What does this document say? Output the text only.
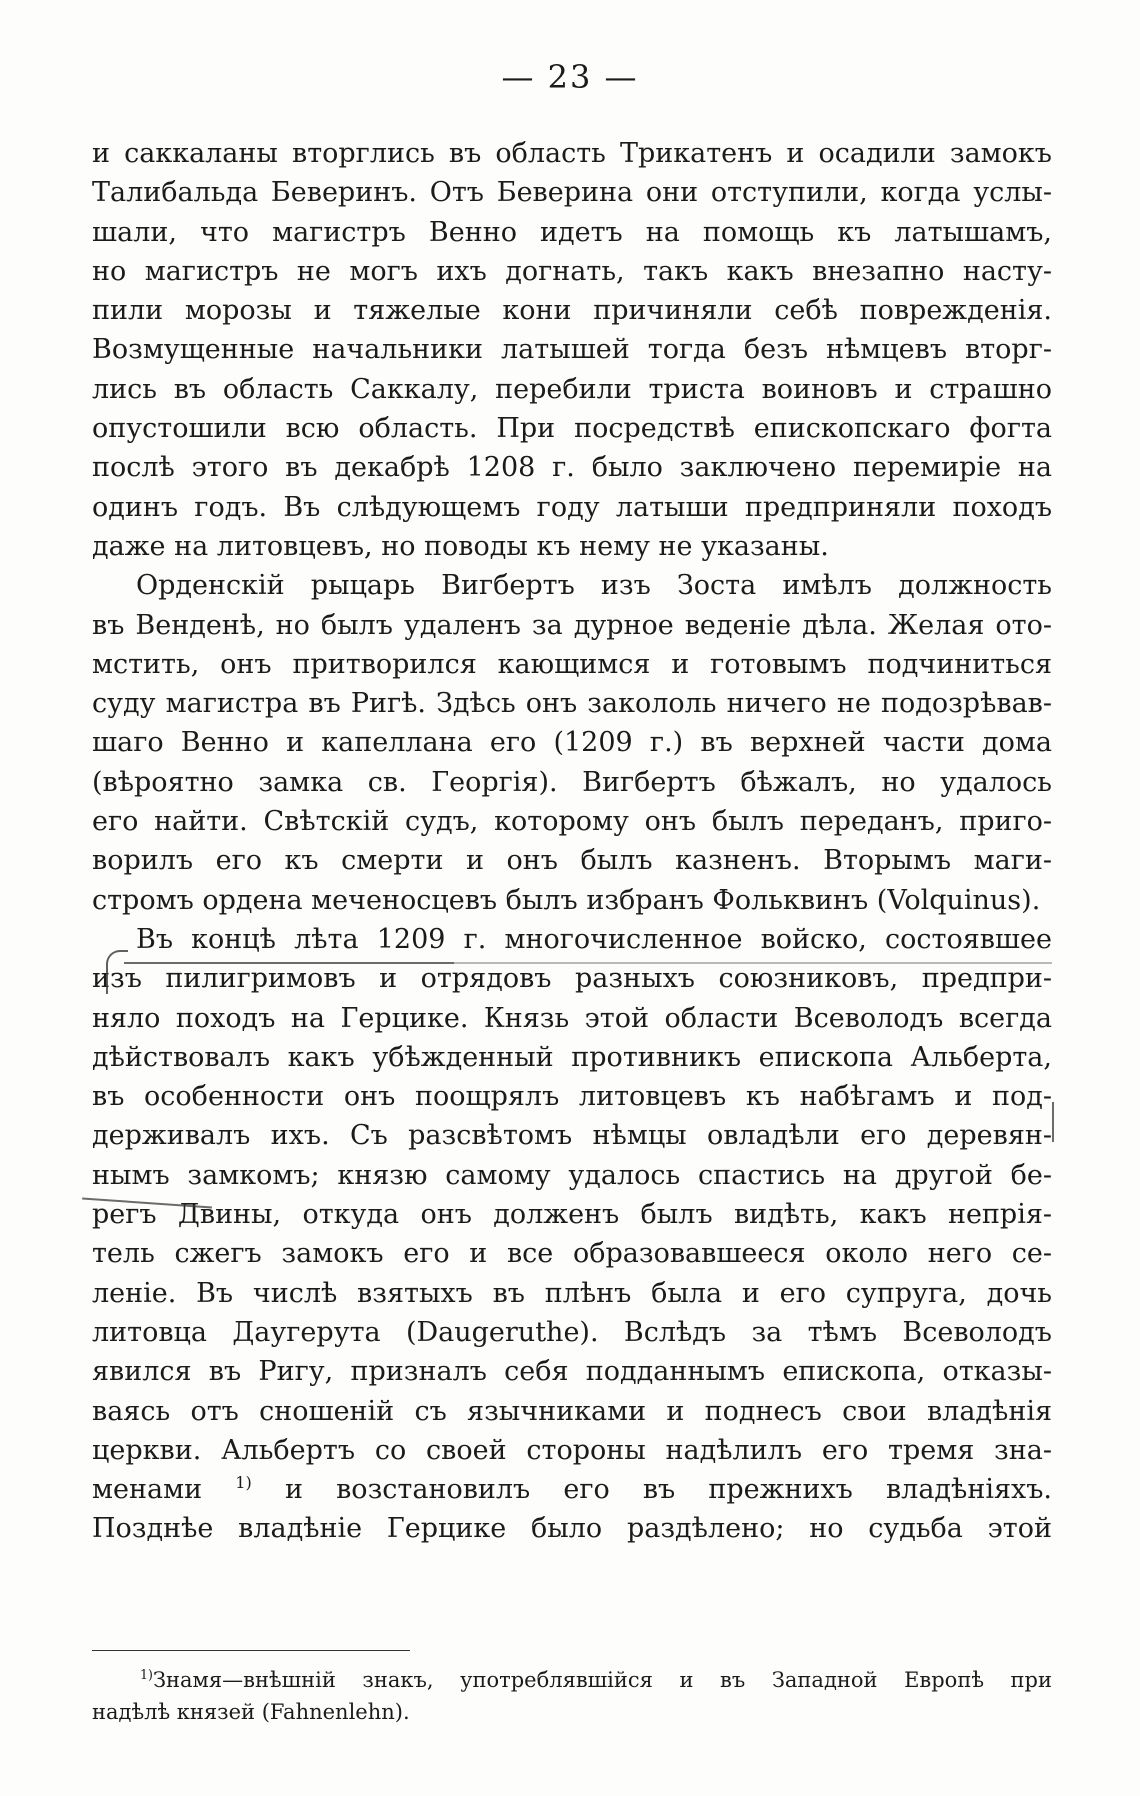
— 23 —

и саккаланы вторглись въ область Трикатенъ и осадили замокъ
Талибальда Беверинъ. Отъ Беверина они отступили, когда услы-
шали, что магистръ Венно идетъ на помощь къ латышамъ,
но магистръ не могъ ихъ догнать, такъ какъ внезапно насту-
пили морозы и тяжелые кони причиняли себѣ поврежденія.
Возмущенные начальники латышей тогда безъ нѣмцевъ вторг-
лись въ область Саккалу, перебили триста воиновъ и страшно
опустошили всю область. При посредствѣ епископскаго фогта
послѣ этого въ декабрѣ 1208 г. было заключено перемиріе на
одинъ годъ. Въ слѣдующемъ году латыши предприняли походъ
даже на литовцевъ, но поводы къ нему не указаны.

Орденскій рыцарь Вигбертъ изъ Зоста имѣлъ должность
въ Венденѣ, но былъ удаленъ за дурное веденіе дѣла. Желая ото-
мстить, онъ притворился кающимся и готовымъ подчиниться
суду магистра въ Ригѣ. Здѣсь онъ закололь ничего не подозрѣвав-
шаго Венно и капеллана его (1209 г.) въ верхней части дома
(вѣроятно замка св. Георгія). Вигбертъ бѣжалъ, но удалось
его найти. Свѣтскій судъ, которому онъ былъ переданъ, приго-
ворилъ его къ смерти и онъ былъ казненъ. Вторымъ маги-
стромъ ордена меченосцевъ былъ избранъ Фольквинъ (Volquinus).

Въ концѣ лѣта 1209 г. многочисленное войско, состоявшее
изъ пилигримовъ и отрядовъ разныхъ союзниковъ, предпри-
няло походъ на Герцике. Князь этой области Всеволодъ всегда
дѣйствовалъ какъ убѣжденный противникъ епископа Альберта,
въ особенности онъ поощрялъ литовцевъ къ набѣгамъ и под-
держивалъ ихъ. Съ разсвѣтомъ нѣмцы овладѣли его деревян-
нымъ замкомъ; князю самому удалось спастись на другой бе-
регъ Двины, откуда онъ долженъ былъ видѣть, какъ непрія-
тель сжегъ замокъ его и все образовавшееся около него се-
леніе. Въ числѣ взятыхъ въ плѣнъ была и его супруга, дочь
литовца Даугерута (Daugeruthe). Вслѣдъ за тѣмъ Всеволодъ
явился въ Ригу, призналъ себя подданнымъ епископа, отказы-
ваясь отъ сношеній съ язычниками и поднесъ свои владѣнія
церкви. Альбертъ со своей стороны надѣлилъ его тремя зна-
менами $^{1)}$ и возстановилъ его въ прежнихъ владѣніяхъ.
Позднѣе владѣніе Герцике было раздѣлено; но судьба этой

$^{1)}$Знамя—внѣшній знакъ, употреблявшійся и въ Западной Европѣ при
надѣлѣ князей (Fahnenlehn).
